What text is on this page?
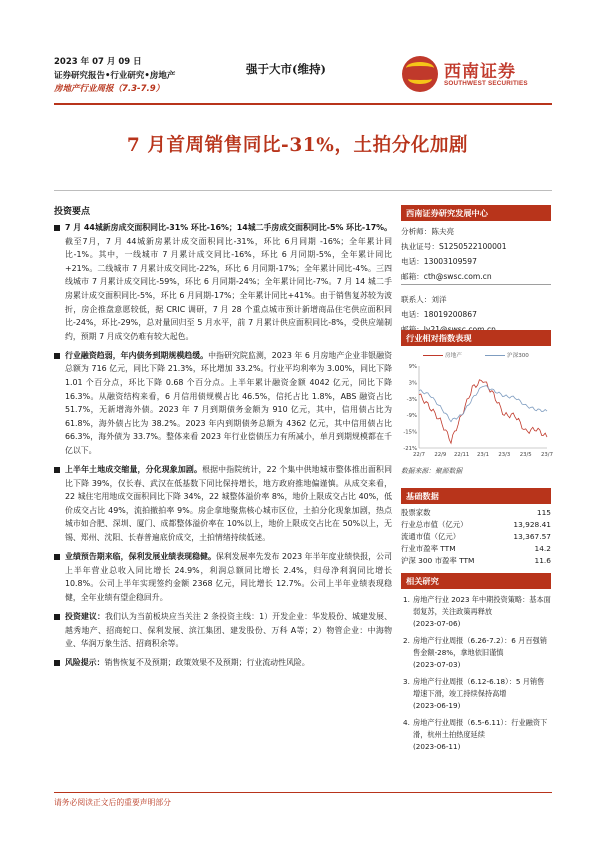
2023 年 07 月 09 日
证券研究报告•行业研究•房地产
房地产行业周报（7.3-7.9）
强于大市(维持)	西南证券
SOUTHWEST SECURITIES
7 月首周销售同比-31%，土拍分化加剧
投资要点
7 月 44城新房成交面积同比-31% 环比-16%；14城二手房成交面积同比-5% 环比-17%。截至7月，7 月 44城新房累计成交面积同比-31%，环比 6月同期 -16%；全年累计同比-1%。其中，一线城市 7 月累计成交同比-16%，环比 6 月同期-5%，全年累计同比+21%。二线城市 7 月累计成交同比-22%，环比 6 月同期-17%；全年累计同比-4%。三四线城市 7 月累计成交同比-59%，环比 6 月同期-24%；全年累计同比-7%。7 月 14 城二手房累计成交面积同比-5%，环比 6 月同期-17%；全年累计同比+41%。由于销售复苏较为波折，房企推盘意愿较低，据 CRIC 调研，7 月 28 个重点城市预计新增商品住宅供应面积同比-24%，环比-29%，总对量回归至 5 月水平，前 7 月累计供应面积同比-8%，受供应端制约，预期 7 月成交仍难有较大起色。
行业融资趋弱，年内债务到期规模趋缓。中指研究院监测，2023 年 6 月房地产企业非银融资总额为 716 亿元，同比下降 21.3%，环比增加 33.2%。行业平均利率为 3.00%，同比下降 1.01 个百分点，环比下降 0.68 个百分点。上半年累计融资金额 4042 亿元，同比下降 16.3%。从融资结构来看，6 月信用债规模占比 46.5%，信托占比 1.8%，ABS 融资占比 51.7%，无新增海外债。2023 年 7 月到期债务金额为 910 亿元，其中，信用债占比为 61.8%，海外债占比为 38.2%。2023 年内到期债务总额为 4362 亿元，其中信用债占比 66.3%，海外债为 33.7%。整体来看 2023 年行业偿债压力有所减小，单月到期规模都在千亿以下。
上半年土地成交缩量，分化现象加剧。根据中指院统计，22 个集中供地城市整体推出面积同比下降 39%，仅长春、武汉在低基数下同比保持增长，地方政府推地偏谨慎。从成交来看，22 城住宅用地成交面积同比下降 34%，22 城整体溢价率 8%，地价上限成交占比 40%，低价成交占比 49%，流拍撤拍率 9%。房企拿地聚焦核心城市区位，土拍分化现象加剧，热点城市如合肥、深圳、厦门、成都整体溢价率在 10%以上，地价上限成交占比在 50%以上，无锡、郑州、沈阳、长春普遍底价成交，土拍情绪持续低迷。
业绩预告期来临，保利发展业绩表现稳健。保利发展率先发布 2023 年半年度业绩快报，公司上半年营业总收入同比增长 24.9%，利润总额同比增长 2.4%，归母净利润同比增长 10.8%。公司上半年实现签约金额 2368 亿元，同比增长 12.7%。公司上半年业绩表现稳健，全年业绩有望企稳回升。
投资建议：我们认为当前板块应当关注 2 条投资主线：1）开发企业：华发股份、城建发展、越秀地产、招商蛇口、保利发展、滨江集团、建发股份、万科 A等；2）物管企业：中海物业、华润万象生活、招商积余等。
风险提示：销售恢复不及预期；政策效果不及预期；行业流动性风险。
西南证券研究发展中心
分析师：陈夫亮
执业证号：S1250522100001
电话：13003109597
邮箱：cth@swsc.com.cn
联系人：刘洋
电话：18019200867
行业相对指数表现
房地产	沪深300
9%
3%
-3%
-9%
-15%
-21%
22/7 22/9 22/11 23/1 23/3 23/5 23/7
数据来源：聚源数据
基础数据
股票家数	115
行业总市值（亿元）	13,928.41
流通市值（亿元）	13,367.57
行业市盈率 TTM	14.2
沪深 300 市盈率 TTM	11.6
相关研究
1. 房地产行业 2023 年中期投资策略：基本面弱复苏，关注政策再释放
(2023-07-06)
2. 房地产行业周报（6.26-7.2）：6 月百强销售金额-28%，拿地依旧谨慎
(2023-07-03)
3. 房地产行业周报（6.12-6.18）：5 月销售增速下滑，竣工持续保持高增
(2023-06-19)
4. 房地产行业周报（6.5-6.11）：行业融资下滑，杭州土拍热度延续
(2023-06-11)
请务必阅读正文后的重要声明部分
